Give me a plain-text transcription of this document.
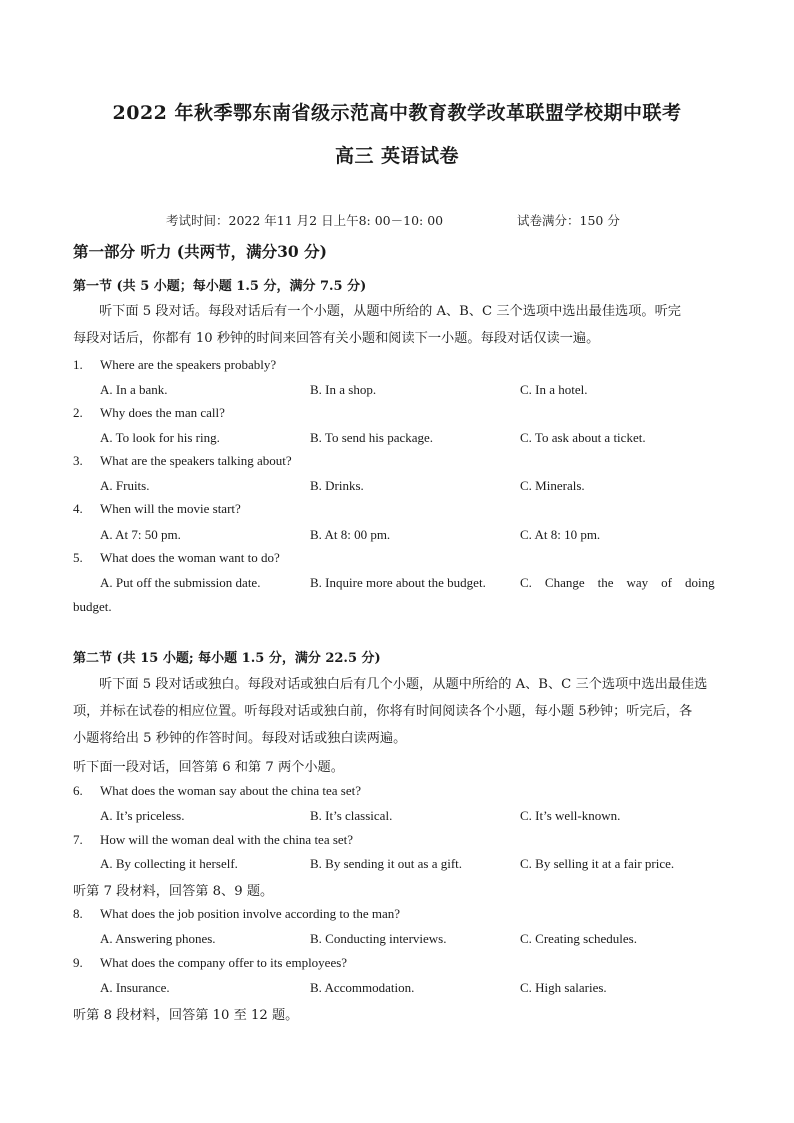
2022 年秋季鄂东南省级示范高中教育教学改革联盟学校期中联考
高三 英语试卷
考试时间：2022 年11 月2 日上午8: 00－10: 00	试卷满分：150 分
第一部分 听力 (共两节，满分30 分)
第一节 (共 5 小题；每小题 1.5 分，满分 7.5 分)
听下面 5 段对话。每段对话后有一个小题，从题中所给的 A、B、C 三个选项中选出最佳选项。听完
每段对话后，你都有 10 秒钟的时间来回答有关小题和阅读下一小题。每段对话仅读一遍。
1. Where are the speakers probably?
A. In a bank.	B. In a shop.	C. In a hotel.
2. Why does the man call?
A. To look for his ring.	B. To send his package.	C. To ask about a ticket.
3. What are the speakers talking about?
A. Fruits.	B. Drinks.	C. Minerals.
4. When will the movie start?
A. At 7: 50 pm.	B. At 8: 00 pm.	C. At 8: 10 pm.
5. What does the woman want to do?
A. Put off the submission date.	B. Inquire more about the budget.	C.    Change    the    way    of    doing
budget.
第二节 (共 15 小题; 每小题 1.5 分，满分 22.5 分)
听下面 5 段对话或独白。每段对话或独白后有几个小题，从题中所给的 A、B、C 三个选项中选出最佳选
项，并标在试卷的相应位置。听每段对话或独白前，你将有时间阅读各个小题，每小题 5秒钟；听完后，各
小题将给出 5 秒钟的作答时间。每段对话或独白读两遍。
听下面一段对话，回答第 6 和第 7 两个小题。
6. What does the woman say about the china tea set?
A. It’s priceless.	B. It’s classical.	C. It’s well-known.
7. How will the woman deal with the china tea set?
A. By collecting it herself.	B. By sending it out as a gift.	C. By selling it at a fair price.
听第 7 段材料，回答第 8、9 题。
8. What does the job position involve according to the man?
A. Answering phones.	B. Conducting interviews.	C. Creating schedules.
9. What does the company offer to its employees?
A. Insurance.	B. Accommodation.	C. High salaries.
听第 8 段材料，回答第 10 至 12 题。
